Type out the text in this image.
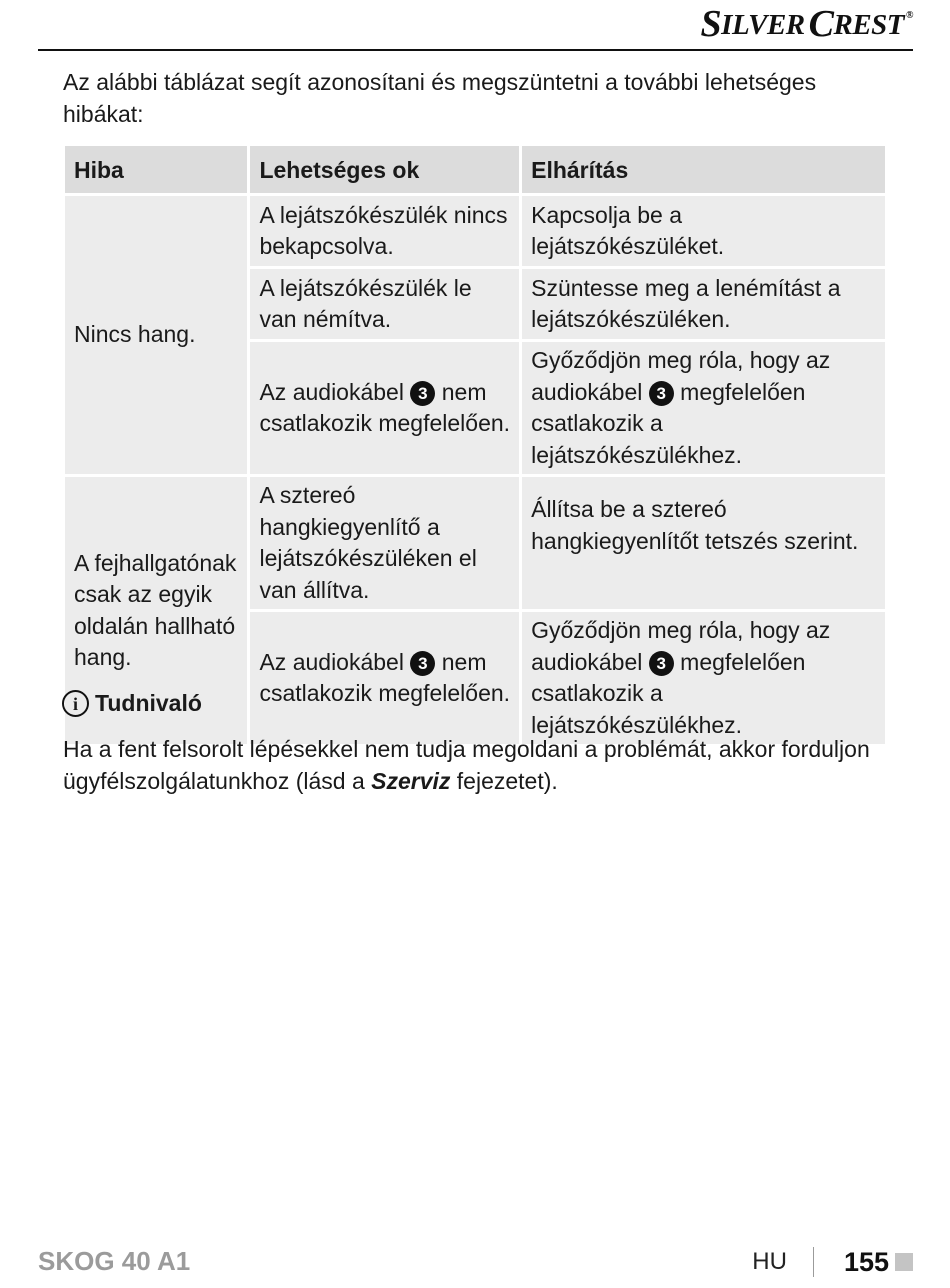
S ILVER C REST ®

Az alábbi táblázat segít azonosítani és megszüntetni a további lehetséges hibákat:

Hiba	Lehetséges ok	Elhárítás
Nincs hang.	A lejátszókészülék nincs bekapcsolva.	Kapcsolja be a lejátszókészüléket.
	A lejátszókészülék le van némítva.	Szüntesse meg a lenémítást a lejátszókészüléken.
	Az audiokábel 3 nem csatlakozik megfelelően.	Győződjön meg róla, hogy az audiokábel 3 megfelelően csatlakozik a lejátszókészülékhez.
A fejhallgatónak csak az egyik oldalán hallható hang.	A sztereó hangkiegyenlítő a lejátszókészüléken el van állítva.	Állítsa be a sztereó hangkiegyenlítőt tetszés szerint.
	Az audiokábel 3 nem csatlakozik megfelelően.	Győződjön meg róla, hogy az audiokábel 3 megfelelően csatlakozik a lejátszókészülékhez.
i Tudnivaló

Ha a fent felsorolt lépésekkel nem tudja megoldani a problémát, akkor forduljon ügyfélszolgálatunkhoz (lásd a Szerviz fejezetet).

SKOG 40 A1	HU 155
